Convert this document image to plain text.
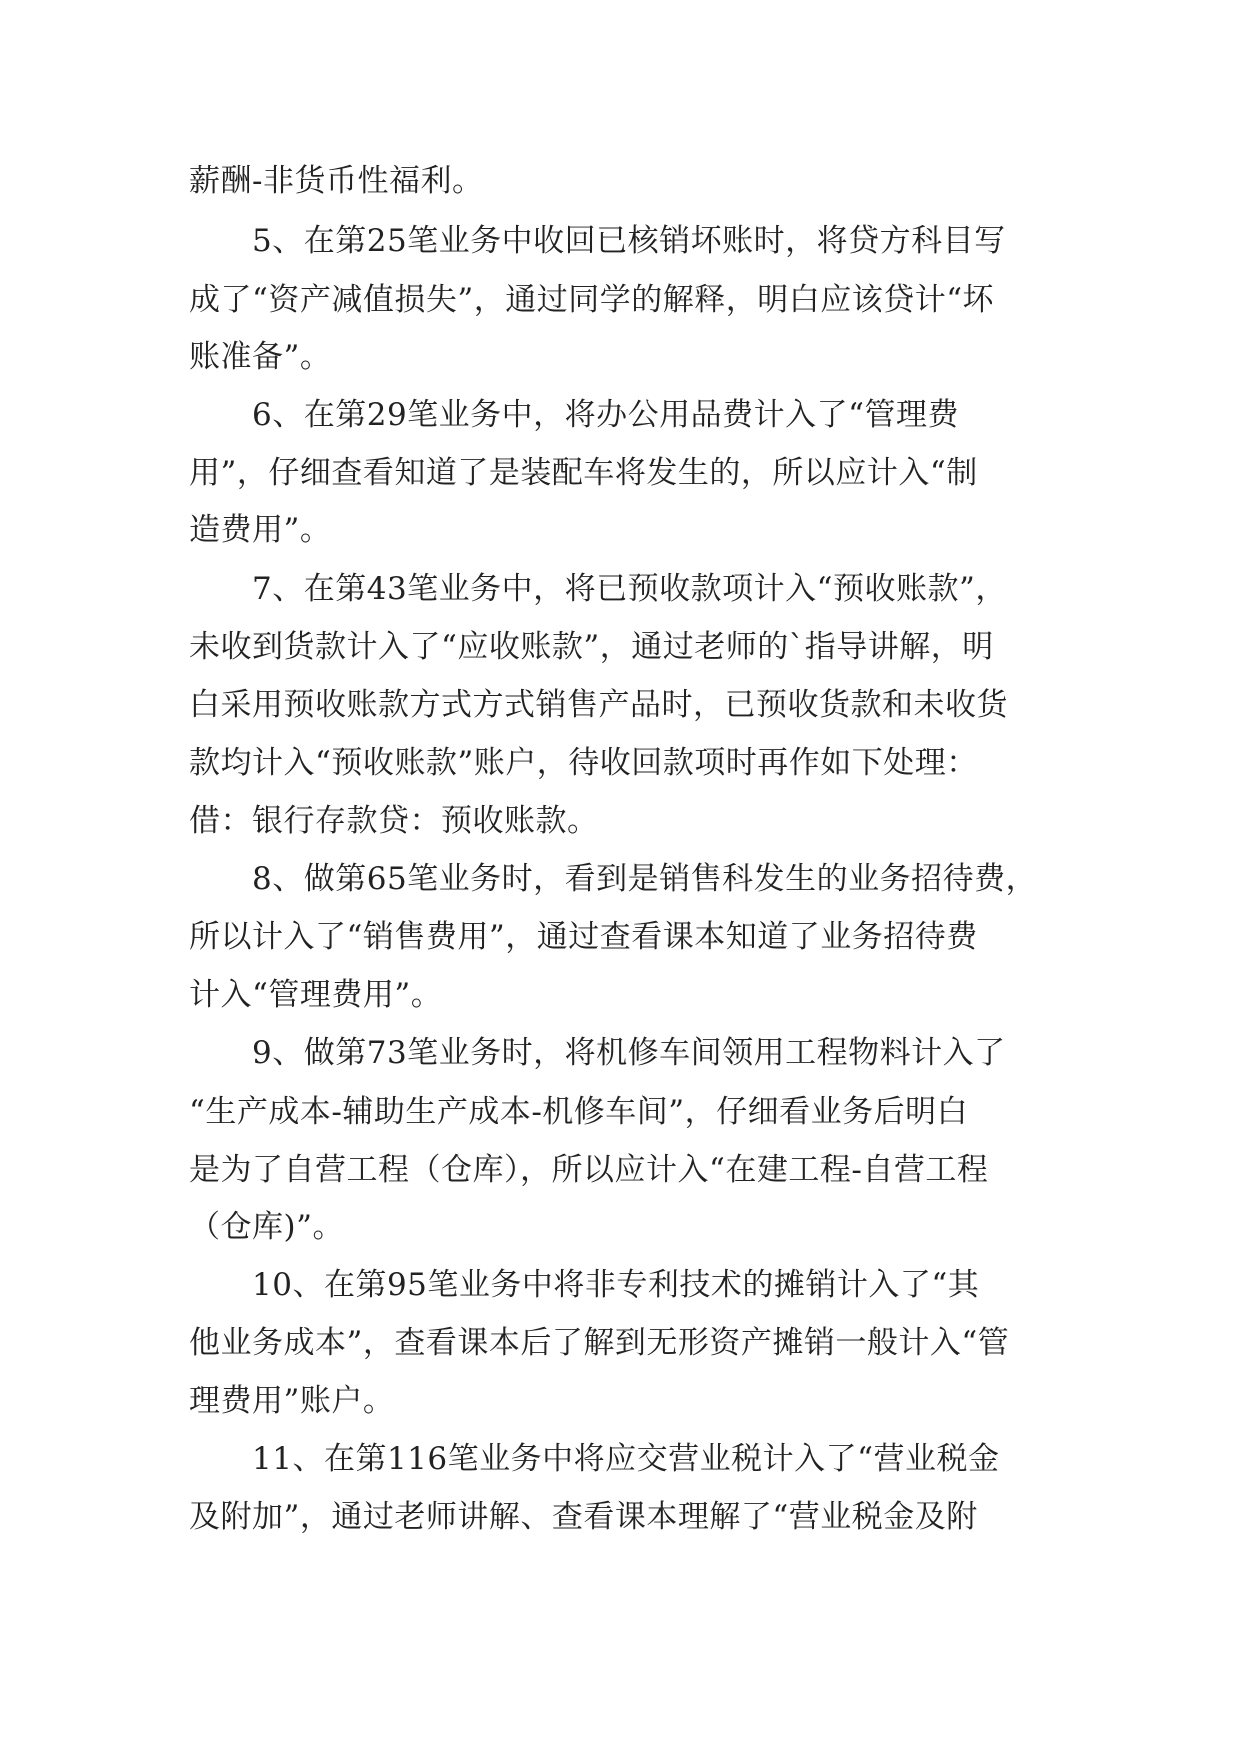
薪酬-非货币性福利。
5、在第25笔业务中收回已核销坏账时，将贷方科目写
成了“资产减值损失”，通过同学的解释，明白应该贷计“坏
账准备”。
6、在第29笔业务中，将办公用品费计入了“管理费
用”，仔细查看知道了是装配车将发生的，所以应计入“制
造费用”。
7、在第43笔业务中，将已预收款项计入“预收账款”，
未收到货款计入了“应收账款”，通过老师的`指导讲解，明
白采用预收账款方式方式销售产品时，已预收货款和未收货
款均计入“预收账款”账户，待收回款项时再作如下处理：
借：银行存款贷：预收账款。
8、做第65笔业务时，看到是销售科发生的业务招待费，
所以计入了“销售费用”，通过查看课本知道了业务招待费
计入“管理费用”。
9、做第73笔业务时，将机修车间领用工程物料计入了
“生产成本-辅助生产成本-机修车间”，仔细看业务后明白
是为了自营工程（仓库），所以应计入“在建工程-自营工程
（仓库)”。
10、在第95笔业务中将非专利技术的摊销计入了“其
他业务成本”，查看课本后了解到无形资产摊销一般计入“管
理费用”账户。
11、在第116笔业务中将应交营业税计入了“营业税金
及附加”，通过老师讲解、查看课本理解了“营业税金及附
